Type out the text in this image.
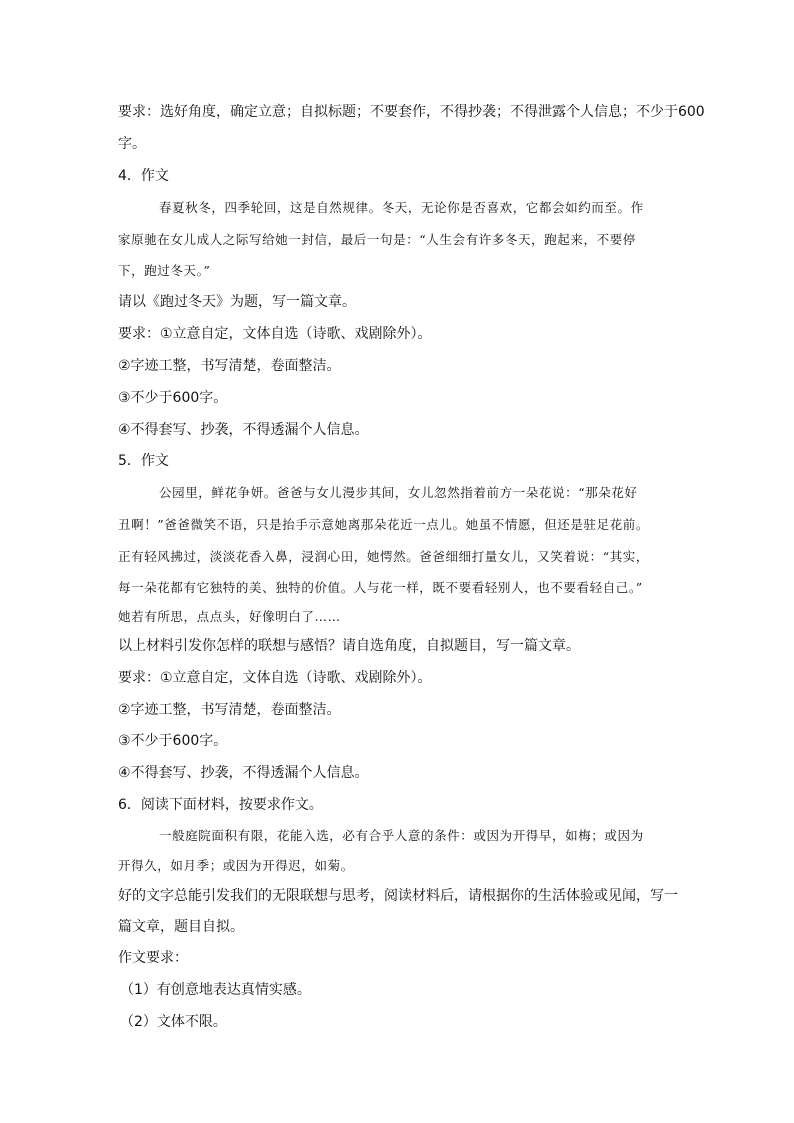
要求：选好角度，确定立意；自拟标题；不要套作，不得抄袭；不得泄露个人信息；不少于600
字。
4．作文
春夏秋冬，四季轮回，这是自然规律。冬天，无论你是否喜欢，它都会如约而至。作
家原驰在女儿成人之际写给她一封信，最后一句是：“人生会有许多冬天，跑起来，不要停
下，跑过冬天。”
请以《跑过冬天》为题，写一篇文章。
要求：①立意自定，文体自选（诗歌、戏剧除外）。
②字迹工整，书写清楚，卷面整洁。
③不少于600字。
④不得套写、抄袭，不得透漏个人信息。
5．作文
公园里，鲜花争妍。爸爸与女儿漫步其间，女儿忽然指着前方一朵花说：“那朵花好
丑啊！”爸爸微笑不语，只是抬手示意她离那朵花近一点儿。她虽不情愿，但还是驻足花前。
正有轻风拂过，淡淡花香入鼻，浸润心田，她愕然。爸爸细细打量女儿，又笑着说：“其实，
每一朵花都有它独特的美、独特的价值。人与花一样，既不要看轻别人，也不要看轻自己。”
她若有所思，点点头，好像明白了……
以上材料引发你怎样的联想与感悟？请自选角度，自拟题目，写一篇文章。
要求：①立意自定，文体自选（诗歌、戏剧除外）。
②字迹工整，书写清楚，卷面整洁。
③不少于600字。
④不得套写、抄袭，不得透漏个人信息。
6．阅读下面材料，按要求作文。
一般庭院面积有限，花能入选，必有合乎人意的条件：或因为开得早，如梅；或因为
开得久，如月季；或因为开得迟，如菊。
好的文字总能引发我们的无限联想与思考，阅读材料后，请根据你的生活体验或见闻，写一
篇文章，题目自拟。
作文要求：
（1）有创意地表达真情实感。
（2）文体不限。
